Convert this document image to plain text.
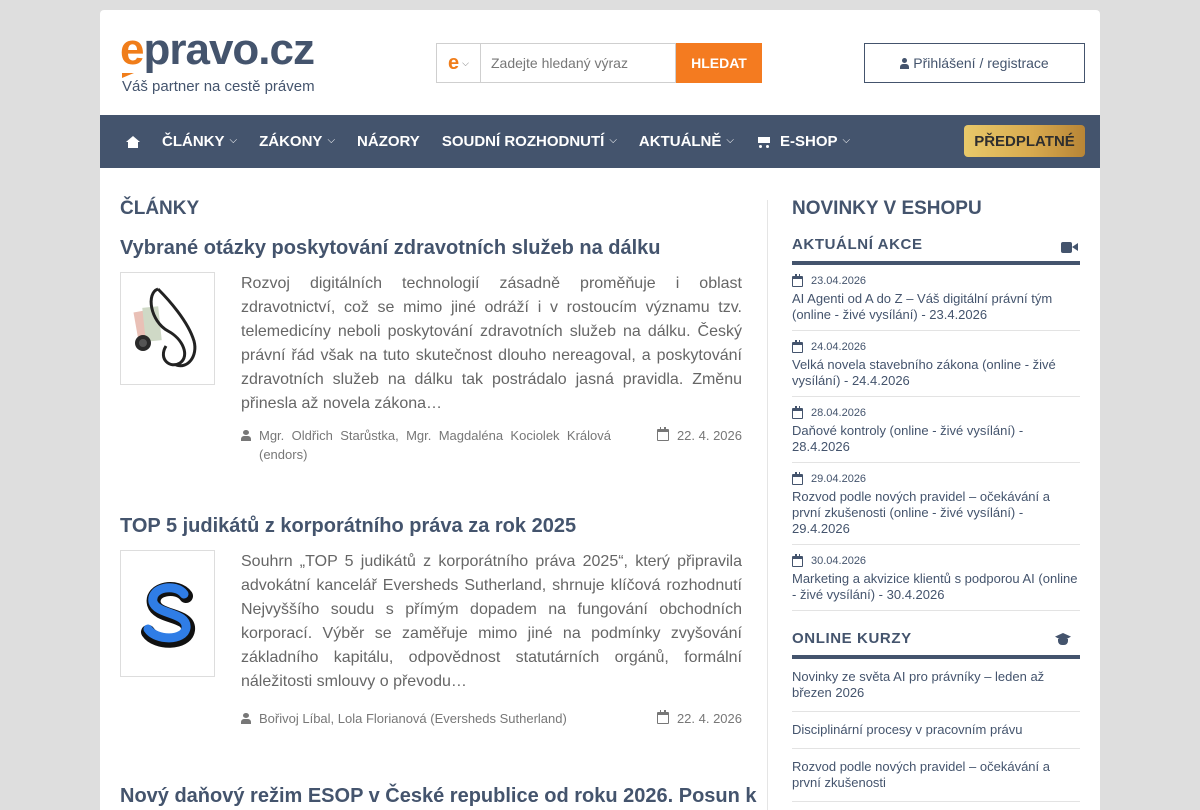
epravo.cz
Váš partner na cestě právem
e ⌵
Zadejte hledaný výraz	HLEDAT	Přihlášení / registrace
ČLÁNKY ⌵ ZÁKONY ⌵ NÁZORY SOUDNÍ ROZHODNUTÍ ⌵ AKTUÁLNĚ ⌵	E-SHOP ⌵	PŘEDPLATNÉ
ČLÁNKY
Vybrané otázky poskytování zdravotních služeb na dálku
Rozvoj digitálních technologií zásadně proměňuje i oblast zdravotnictví, což se mimo jiné odráží i v rostoucím významu tzv. telemedicíny neboli poskytování zdravotních služeb na dálku. Český právní řád však na tuto skutečnost dlouho nereagoval, a poskytování zdravotních služeb na dálku tak postrádalo jasná pravidla. Změnu přinesla až novela zákona…
Mgr. Oldřich Starůstka, Mgr. Magdaléna Kociolek Králová (endors)
22. 4. 2026
TOP 5 judikátů z korporátního práva za rok 2025
Souhrn „TOP 5 judikátů z korporátního práva 2025“, který připravila advokátní kancelář Eversheds Sutherland, shrnuje klíčová rozhodnutí Nejvyššího soudu s přímým dopadem na fungování obchodních korporací. Výběr se zaměřuje mimo jiné na podmínky zvyšování základního kapitálu, odpovědnost statutárních orgánů, formální náležitosti smlouvy o převodu…
Bořivoj Líbal, Lola Florianová (Eversheds Sutherland)	22. 4. 2026
Nový daňový režim ESOP v České republice od roku 2026. Posun k
NOVINKY V ESHOPU
AKTUÁLNÍ AKCE
23.04.2026
AI Agenti od A do Z – Váš digitální právní tým (online - živé vysílání) - 23.4.2026
24.04.2026
Velká novela stavebního zákona (online - živé vysílání) - 24.4.2026
28.04.2026
Daňové kontroly (online - živé vysílání) - 28.4.2026
29.04.2026
Rozvod podle nových pravidel – očekávání a první zkušenosti (online - živé vysílání) - 29.4.2026
30.04.2026
Marketing a akvizice klientů s podporou AI (online - živé vysílání) - 30.4.2026
ONLINE KURZY
Novinky ze světa AI pro právníky – leden až březen 2026
Disciplinární procesy v pracovním právu
Rozvod podle nových pravidel – očekávání a první zkušenosti
